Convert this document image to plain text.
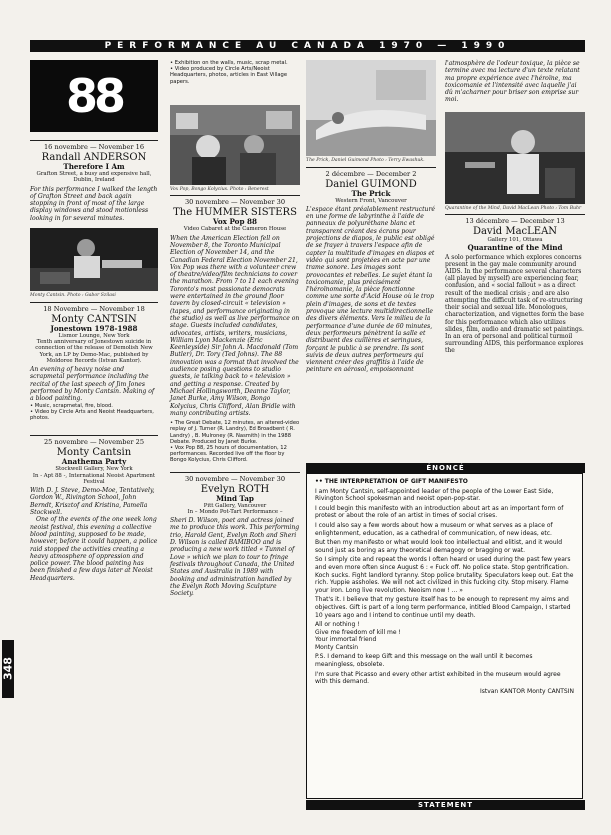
PERFORMANCE AU CANADA 1970 — 1990
348
88
16 novembre — November 16
Randall ANDERSON
Therefore I Am
Grafton Street, a busy and expensive hall, Dublin, Ireland
For this performance I walked the length of Grafton Street and back again stopping in front of most of the large display windows and stood motionless looking in for several minutes.
Monty Cantsin. Photo : Gabor Szilasi
18 Novembre — November 18
Monty CANTSIN
Jonestown 1978-1988
Lismor Lounge, New York
Tenth anniversary of Jonestown suicide in connection of the release of Demolish New York, an LP by Demo-Mac, published by Moldoree Records (Istvan Kantor).
An evening of heavy noise and scrapmetal performance including the recital of the last speech of Jim Jones performed by Monty Cantsin. Making of a blood painting.
• Music, scrapmetal, fire, blood.
• Video by Circle Arts and Neoist Headquarters, photos.
25 novembre — November 25
Monty Cantsin
Anathema Party
Stockwell Gallery, New York
In - Apt 88 -, International Neoist Apartment Festival
With D. J. Steve, Demo-Moe, Tentatively, Gordon W., Rivington School, John Berndt, Krisztof and Kristina, Pamella Stockwell.
One of the events of the one week long neoist festival, this evening a collective blood painting, supposed to be made, however, before it could happen, a police raid stopped the activities creating a heavy atmosphere of oppression and police power. The blood painting has been finished a few days later at Neoist Headquarters.
• Exhibition on the walls, music, scrap metal.
• Video produced by Circle Arts/Neoist Headquarters, photos, articles in East Village papers.
Vox Pop, Bongo Kolycius. Photo : Benerest
30 novembre — November 30
The HUMMER SISTERS
Vox Pop 88
Video Cabaret at the Cameron House
When the American Election fell on November 8, the Toronto Municipal Election of November 14, and the Canadian Federal Election November 21, Vox Pop was there with a volunteer crew of theatre/video/film technicians to cover the marathon. From 7 to 11 each evening Toronto's most passionate democrats were entertained in the ground floor tavern by closed-circuit « television » (tapes, and performance originating in the studio) as well as live performance on stage. Guests included candidates, advocates, artists, writers, musicians, William Lyon Mackenzie (Eric Keenleyside) Sir John A. Macdonald (Tom Butler), Dr. Tory (Ted Johns). The 88 innovation was a format that involved the audience posing questions to studio guests, ie talking back to « television » and getting a response. Created by Michael Hollingsworth, Deanne Taylor, Janet Burke, Amy Wilson, Bongo Kolycius, Chris Clifford, Alan Bridle with many contributing artists.
• The Great Debate, 12 minutes, an altered-video replay of J. Turner (R. Landry), Ed Broadbent ( R. Landry) , B. Mulroney (R. Nasmith) in the 1988 Debate. Produced by Janet Burke.
• Vox Pop 88, 25 hours of documentation, 12 performances. Recorded live off the floor by Bongo Kolycius, Chris Clifford.
30 novembre — November 30
Evelyn ROTH
Mind Tap
Pitt Gallery, Vancouver
In – Mondo Pot-Tart Performance –
Sheri D. Wilson, poet and actress joined me to produce this work. This performing trio, Harold Gent, Evelyn Roth and Sheri D. Wilson is called BAMIBOO and is producing a new work titled « Tunnel of Love » which we plan to tour to fringe festivals throughout Canada, the United States and Australia in 1989 with booking and administration handled by the Evelyn Roth Moving Sculpture Society.
The Prick, Daniel Guimond Photo : Terry Ewashuk.
2 décembre — December 2
Daniel GUIMOND
The Prick
Western Front, Vancouver
L'espace étant préalablement restructuré en une forme de labyrinthe à l'aide de panneaux de polyuréthane blanc et transparent créant des écrans pour projections de diapos, le public est obligé de se frayer à travers l'espace afin de capter la multitude d'images en diapos et vidéo qui sont projetées en acte par une trame sonore. Les images sont provocantes et rebelles. Le sujet étant la toxicomanie, plus précisément l'héroïnomanie, la pièce fonctionne comme une sorte d'Acid House où le trop plein d'images, de sons et de textes provoque une lecture multidirectionnelle des divers éléments. Vers le milieu de la performance d'une durée de 60 minutes, deux performeurs pénètrent la salle et distribuent des cuillères et seringues, forçant le public à se prendre. Ils sont suivis de deux autres performeurs qui viennent créer des graffitis à l'aide de peinture en aérosol, empoisonnant
l'atmosphère de l'odeur toxique, la pièce se termine avec ma lecture d'un texte relatant ma propre expérience avec l'héroïne, ma toxicomanie et l'intensité avec laquelle j'ai dû m'acharner pour briser son emprise sur moi.
Quarantine of the Mind, David MacLean Photo : Tom Buhr
13 décembre — December 13
David MacLEAN
Gallery 101, Ottawa
Quarantine of the Mind
A solo performance which explores concerns present in the gay male community around AIDS. In the performance several characters (all played by myself) are experiencing fear, confusion, and « social fallout » as a direct result of the medical crisis ; and are also attempting the difficult task of re-structuring their social and sexual life. Monologues, characterization, and vignettes form the base for this performance which also utilizes slides, film, audio and dramatic set paintings. In an era of personal and political turmoil surrounding AIDS, this performance explores the
ÉNONCÉ

•• THE INTERPRETATION OF GIFT MANIFESTO

I am Monty Cantsin, self-appointed leader of the people of the Lower East Side, Rivington School spokesman and neoist open-pop-star.

I could begin this manifesto with an introduction about art as an important form of protest or about the role of an artist in times of social crises.

I could also say a few words about how a museum or what serves as a place of enlightenment, education, as a cathedral of communication, of new ideas, etc.

But then my manifesto or what would look too intellectual and elitist, and it would sound just as boring as any theoretical demagogy or bragging or wat.

So I simply cite and repeat the words I often heard or used during the past few years and even more often since August 6 : « Fuck off. No police state. Stop gentrification. Koch sucks. Fight landlord tyranny. Stop police brutality. Speculators keep out. Eat the rich. Yuppie assholes. We will not act civilized in this fucking city. Stop misery. Flame your iron. Long live revolution. Neoism now ! ... »

That's it. I believe that my gesture itself has to be enough to represent my aims and objectives. Gift is part of a long term performance, intitled Blood Campaign, I started 10 years ago and I intend to continue until my death.

All or nothing !

Give me freedom of kill me !

Your immortal friend

Monty Cantsin

P.S. I demand to keep Gift and this message on the wall until it becomes meaningless, obsolete.

I'm sure that Picasso and every other artist exhibited in the museum would agree with this demand.

Istvan KANTOR Monty CANTSIN

STATEMENT
